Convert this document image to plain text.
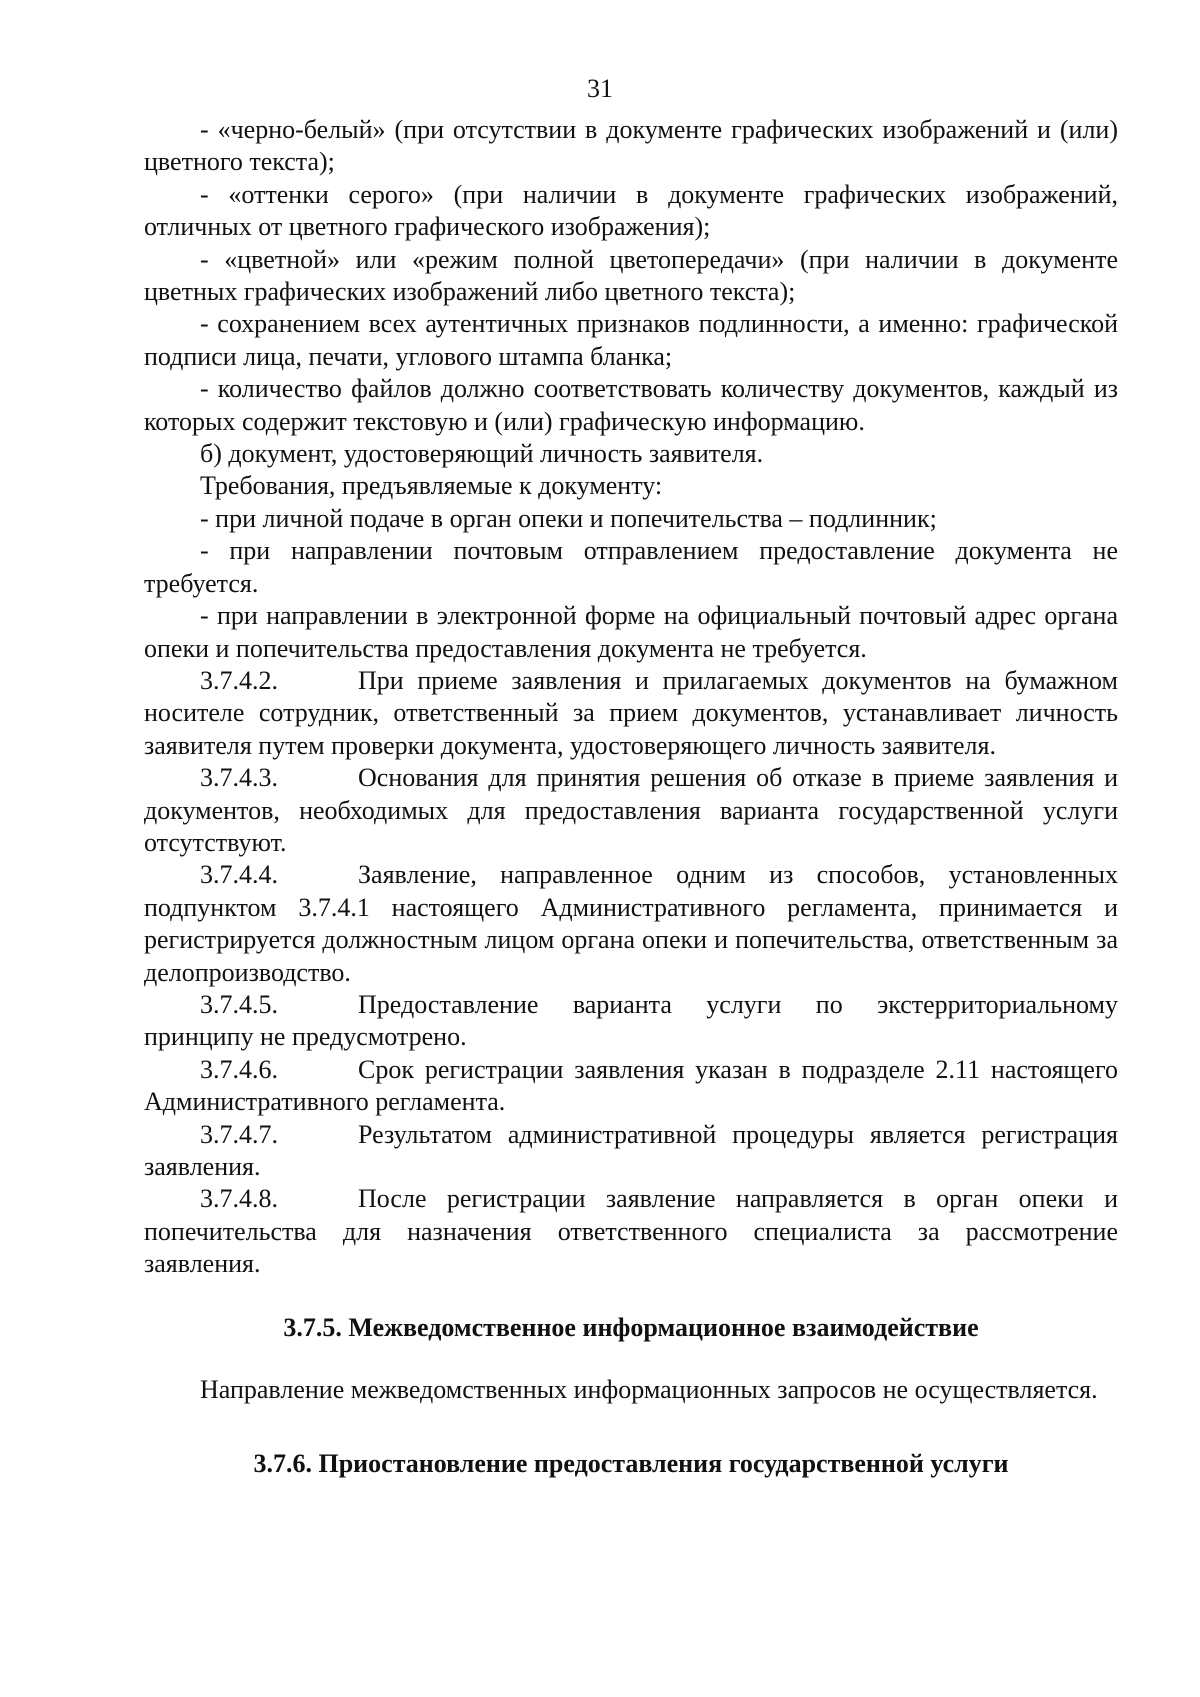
31

- «черно-белый» (при отсутствии в документе графических изображений и (или) цветного текста);

- «оттенки серого» (при наличии в документе графических изображений, отличных от цветного графического изображения);

- «цветной» или «режим полной цветопередачи» (при наличии в документе цветных графических изображений либо цветного текста);

- сохранением всех аутентичных признаков подлинности, а именно: графической подписи лица, печати, углового штампа бланка;

- количество файлов должно соответствовать количеству документов, каждый из которых содержит текстовую и (или) графическую информацию.

б) документ, удостоверяющий личность заявителя.

Требования, предъявляемые к документу:

- при личной подаче в орган опеки и попечительства – подлинник;

- при направлении почтовым отправлением предоставление документа не требуется.

- при направлении в электронной форме на официальный почтовый адрес органа опеки и попечительства предоставления документа не требуется.

3.7.4.2.	При приеме заявления и прилагаемых документов на бумажном носителе сотрудник, ответственный за прием документов, устанавливает личность заявителя путем проверки документа, удостоверяющего личность заявителя.

3.7.4.3.	Основания для принятия решения об отказе в приеме заявления и документов, необходимых для предоставления варианта государственной услуги отсутствуют.

3.7.4.4.	Заявление, направленное одним из способов, установленных подпунктом 3.7.4.1 настоящего Административного регламента, принимается и регистрируется должностным лицом органа опеки и попечительства, ответственным за делопроизводство.

3.7.4.5.	Предоставление варианта услуги по экстерриториальному принципу не предусмотрено.

3.7.4.6.	Срок регистрации заявления указан в подразделе 2.11 настоящего Административного регламента.

3.7.4.7.	Результатом административной процедуры является регистрация заявления.

3.7.4.8.	После регистрации заявление направляется в орган опеки и попечительства для назначения ответственного специалиста за рассмотрение заявления.

3.7.5. Межведомственное информационное взаимодействие

Направление межведомственных информационных запросов не осуществляется.

3.7.6. Приостановление предоставления государственной услуги
